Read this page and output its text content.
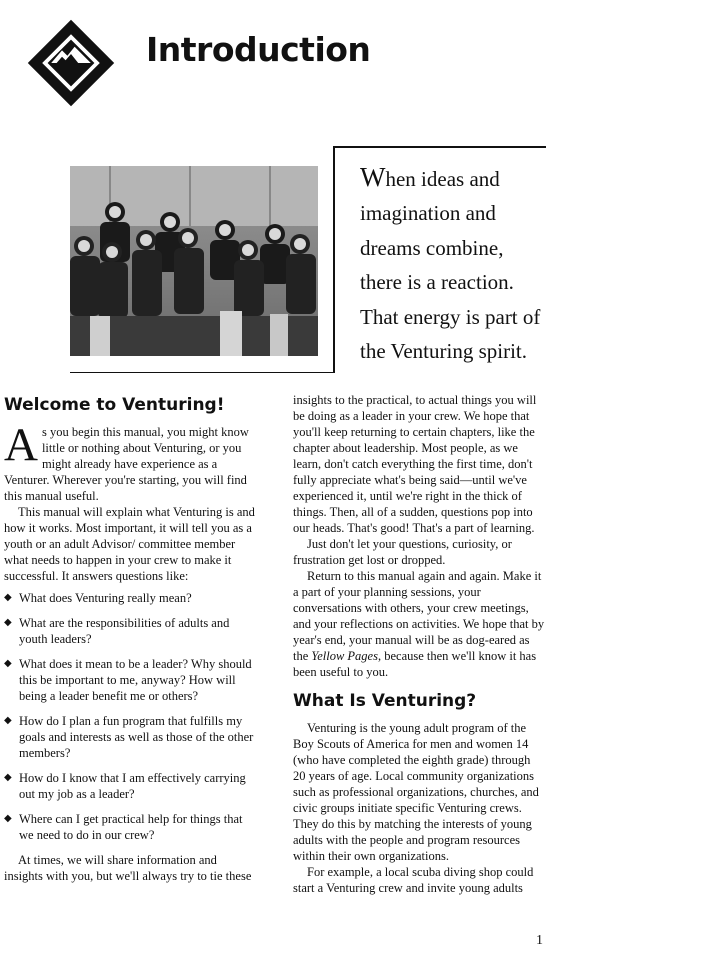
Introduction
When ideas and
imagination and
dreams combine,
there is a reaction.
That energy is part of
the Venturing spirit.
Welcome to Venturing!

As you begin this manual, you might know little or nothing about Venturing, or you might already have experience as a Venturer. Wherever you're starting, you will find this manual useful.

This manual will explain what Venturing is and how it works. Most important, it will tell you as a youth or an adult Advisor/ committee member what needs to happen in your crew to make it successful. It answers questions like:

◆ What does Venturing really mean?
◆ What are the responsibilities of adults and youth leaders?
◆ What does it mean to be a leader? Why should this be important to me, anyway? How will being a leader benefit me or others?
◆ How do I plan a fun program that fulfills my goals and interests as well as those of the other members?
◆ How do I know that I am effectively carrying out my job as a leader?
◆ Where can I get practical help for things that we need to do in our crew?

At times, we will share information and insights with you, but we'll always try to tie these

insights to the practical, to actual things you will be doing as a leader in your crew. We hope that you'll keep returning to certain chapters, like the chapter about leadership. Most people, as we learn, don't catch everything the first time, don't fully appreciate what's being said—until we've experienced it, until we're right in the thick of things. Then, all of a sudden, questions pop into our heads. That's good! That's a part of learning.

Just don't let your questions, curiosity, or frustration get lost or dropped.

Return to this manual again and again. Make it a part of your planning sessions, your conversations with others, your crew meetings, and your reflections on activities. We hope that by year's end, your manual will be as dog-eared as the Yellow Pages, because then we'll know it has been useful to you.

What Is Venturing?

Venturing is the young adult program of the Boy Scouts of America for men and women 14 (who have completed the eighth grade) through 20 years of age. Local community organizations such as professional organizations, churches, and civic groups initiate specific Venturing crews. They do this by matching the interests of young adults with the people and program resources within their own organizations.

For example, a local scuba diving shop could start a Venturing crew and invite young adults

1
